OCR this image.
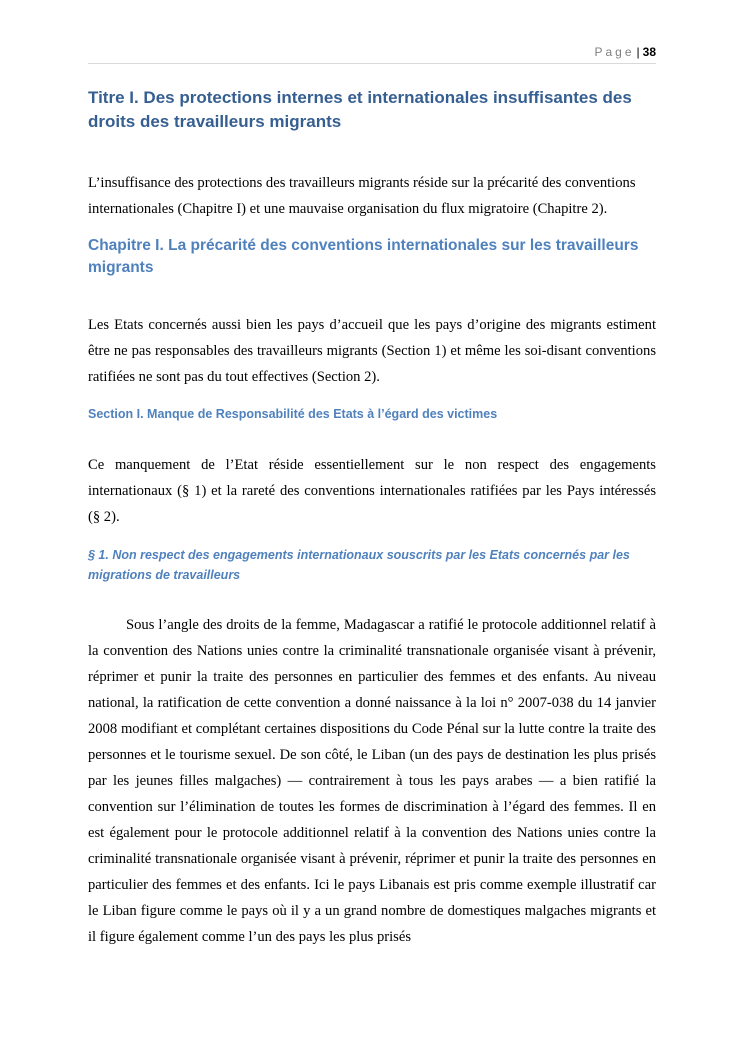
Page | 38
Titre I. Des protections internes et internationales insuffisantes des droits des travailleurs migrants

L’insuffisance des protections des travailleurs migrants réside sur la précarité des conventions internationales (Chapitre I) et une mauvaise organisation du flux migratoire (Chapitre 2).

Chapitre I. La précarité des conventions internationales sur les travailleurs migrants

Les Etats concernés aussi bien les pays d’accueil que les pays d’origine des migrants estiment être ne pas responsables des travailleurs migrants (Section 1) et même les soi-disant conventions ratifiées ne sont pas du tout effectives (Section 2).

Section I. Manque de Responsabilité des Etats à l’égard des victimes

Ce manquement de l’Etat réside essentiellement sur le non respect des engagements internationaux (§ 1) et la rareté des conventions internationales ratifiées par les Pays intéressés (§ 2).

§ 1. Non respect des engagements internationaux souscrits par les Etats concernés par les migrations de travailleurs

Sous l’angle des droits de la femme, Madagascar a ratifié le protocole additionnel relatif à la convention des Nations unies contre la criminalité transnationale organisée visant à prévenir, réprimer et punir la traite des personnes en particulier des femmes et des enfants. Au niveau national, la ratification de cette convention a donné naissance à la loi n° 2007-038 du 14 janvier 2008 modifiant et complétant certaines dispositions du Code Pénal sur la lutte contre la traite des personnes et le tourisme sexuel. De son côté, le Liban (un des pays de destination les plus prisés par les jeunes filles malgaches) ― contrairement à tous les pays arabes ― a bien ratifié la convention sur l’élimination de toutes les formes de discrimination à l’égard des femmes. Il en est également pour le protocole additionnel relatif à la convention des Nations unies contre la criminalité transnationale organisée visant à prévenir, réprimer et punir la traite des personnes en particulier des femmes et des enfants. Ici le pays Libanais est pris comme exemple illustratif car le Liban figure comme le pays où il y a un grand nombre de domestiques malgaches migrants et il figure également comme l’un des pays les plus prisés
